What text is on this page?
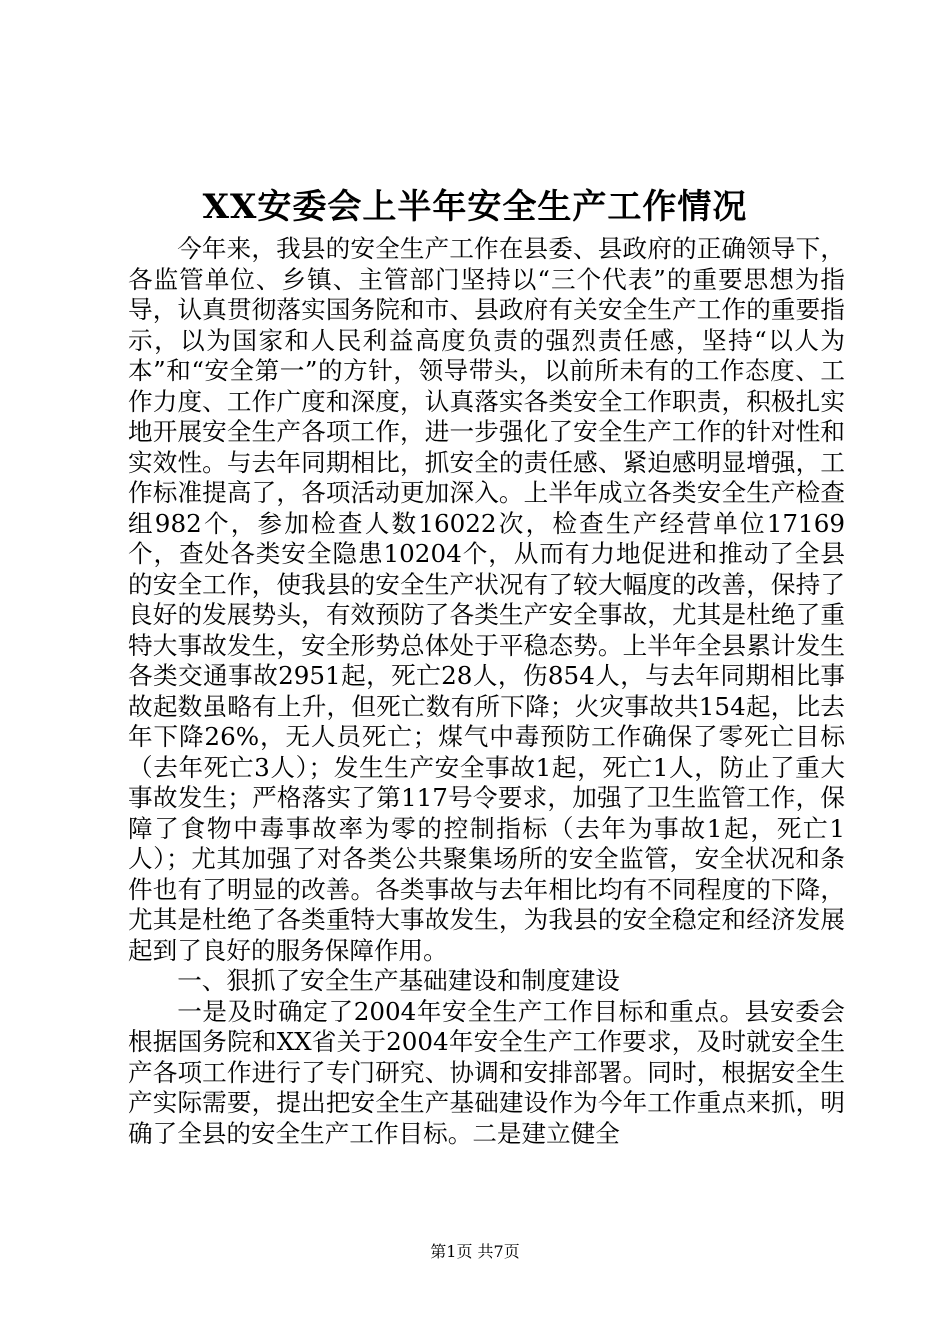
XX安委会上半年安全生产工作情况

今年来，我县的安全生产工作在县委、县政府的正确领导下，各监管单位、乡镇、主管部门坚持以“三个代表”的重要思想为指导，认真贯彻落实国务院和市、县政府有关安全生产工作的重要指示，以为国家和人民利益高度负责的强烈责任感，坚持“以人为本”和“安全第一”的方针，领导带头，以前所未有的工作态度、工作力度、工作广度和深度，认真落实各类安全工作职责，积极扎实地开展安全生产各项工作，进一步强化了安全生产工作的针对性和实效性。与去年同期相比，抓安全的责任感、紧迫感明显增强，工作标准提高了，各项活动更加深入。上半年成立各类安全生产检查组982个，参加检查人数16022次，检查生产经营单位17169个，查处各类安全隐患10204个，从而有力地促进和推动了全县的安全工作，使我县的安全生产状况有了较大幅度的改善，保持了良好的发展势头，有效预防了各类生产安全事故，尤其是杜绝了重特大事故发生，安全形势总体处于平稳态势。上半年全县累计发生各类交通事故2951起，死亡28人，伤854人，与去年同期相比事故起数虽略有上升，但死亡数有所下降；火灾事故共154起，比去年下降26%，无人员死亡；煤气中毒预防工作确保了零死亡目标（去年死亡3人）；发生生产安全事故1起，死亡1人，防止了重大事故发生；严格落实了第117号令要求，加强了卫生监管工作，保障了食物中毒事故率为零的控制指标（去年为事故1起，死亡1人）；尤其加强了对各类公共聚集场所的安全监管，安全状况和条件也有了明显的改善。各类事故与去年相比均有不同程度的下降，尤其是杜绝了各类重特大事故发生，为我县的安全稳定和经济发展起到了良好的服务保障作用。

一、狠抓了安全生产基础建设和制度建设

一是及时确定了2004年安全生产工作目标和重点。县安委会根据国务院和XX省关于2004年安全生产工作要求，及时就安全生产各项工作进行了专门研究、协调和安排部署。同时，根据安全生产实际需要，提出把安全生产基础建设作为今年工作重点来抓，明确了全县的安全生产工作目标。二是建立健全

第1页 共7页
